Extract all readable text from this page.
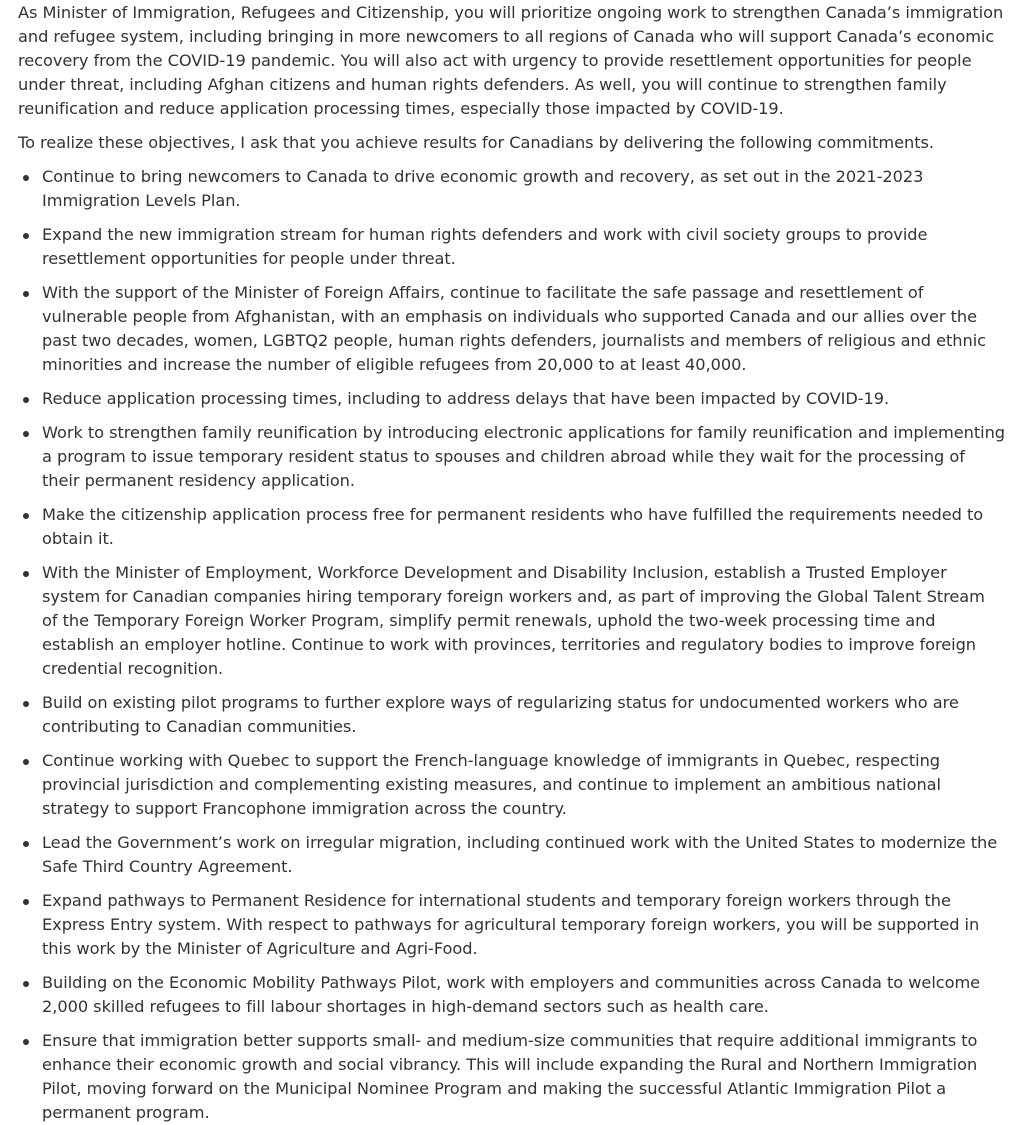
As Minister of Immigration, Refugees and Citizenship, you will prioritize ongoing work to strengthen Canada’s immigration and refugee system, including bringing in more newcomers to all regions of Canada who will support Canada’s economic recovery from the COVID-19 pandemic. You will also act with urgency to provide resettlement opportunities for people under threat, including Afghan citizens and human rights defenders. As well, you will continue to strengthen family reunification and reduce application processing times, especially those impacted by COVID-19.

To realize these objectives, I ask that you achieve results for Canadians by delivering the following commitments.

Continue to bring newcomers to Canada to drive economic growth and recovery, as set out in the 2021-2023 Immigration Levels Plan.
Expand the new immigration stream for human rights defenders and work with civil society groups to provide resettlement opportunities for people under threat.
With the support of the Minister of Foreign Affairs, continue to facilitate the safe passage and resettlement of vulnerable people from Afghanistan, with an emphasis on individuals who supported Canada and our allies over the past two decades, women, LGBTQ2 people, human rights defenders, journalists and members of religious and ethnic minorities and increase the number of eligible refugees from 20,000 to at least 40,000.
Reduce application processing times, including to address delays that have been impacted by COVID-19.
Work to strengthen family reunification by introducing electronic applications for family reunification and implementing a program to issue temporary resident status to spouses and children abroad while they wait for the processing of their permanent residency application.
Make the citizenship application process free for permanent residents who have fulfilled the requirements needed to obtain it.
With the Minister of Employment, Workforce Development and Disability Inclusion, establish a Trusted Employer system for Canadian companies hiring temporary foreign workers and, as part of improving the Global Talent Stream of the Temporary Foreign Worker Program, simplify permit renewals, uphold the two-week processing time and establish an employer hotline. Continue to work with provinces, territories and regulatory bodies to improve foreign credential recognition.
Build on existing pilot programs to further explore ways of regularizing status for undocumented workers who are contributing to Canadian communities.
Continue working with Quebec to support the French-language knowledge of immigrants in Quebec, respecting provincial jurisdiction and complementing existing measures, and continue to implement an ambitious national strategy to support Francophone immigration across the country.
Lead the Government’s work on irregular migration, including continued work with the United States to modernize the Safe Third Country Agreement.
Expand pathways to Permanent Residence for international students and temporary foreign workers through the Express Entry system. With respect to pathways for agricultural temporary foreign workers, you will be supported in this work by the Minister of Agriculture and Agri-Food.
Building on the Economic Mobility Pathways Pilot, work with employers and communities across Canada to welcome 2,000 skilled refugees to fill labour shortages in high-demand sectors such as health care.
Ensure that immigration better supports small- and medium-size communities that require additional immigrants to enhance their economic growth and social vibrancy. This will include expanding the Rural and Northern Immigration Pilot, moving forward on the Municipal Nominee Program and making the successful Atlantic Immigration Pilot a permanent program.
